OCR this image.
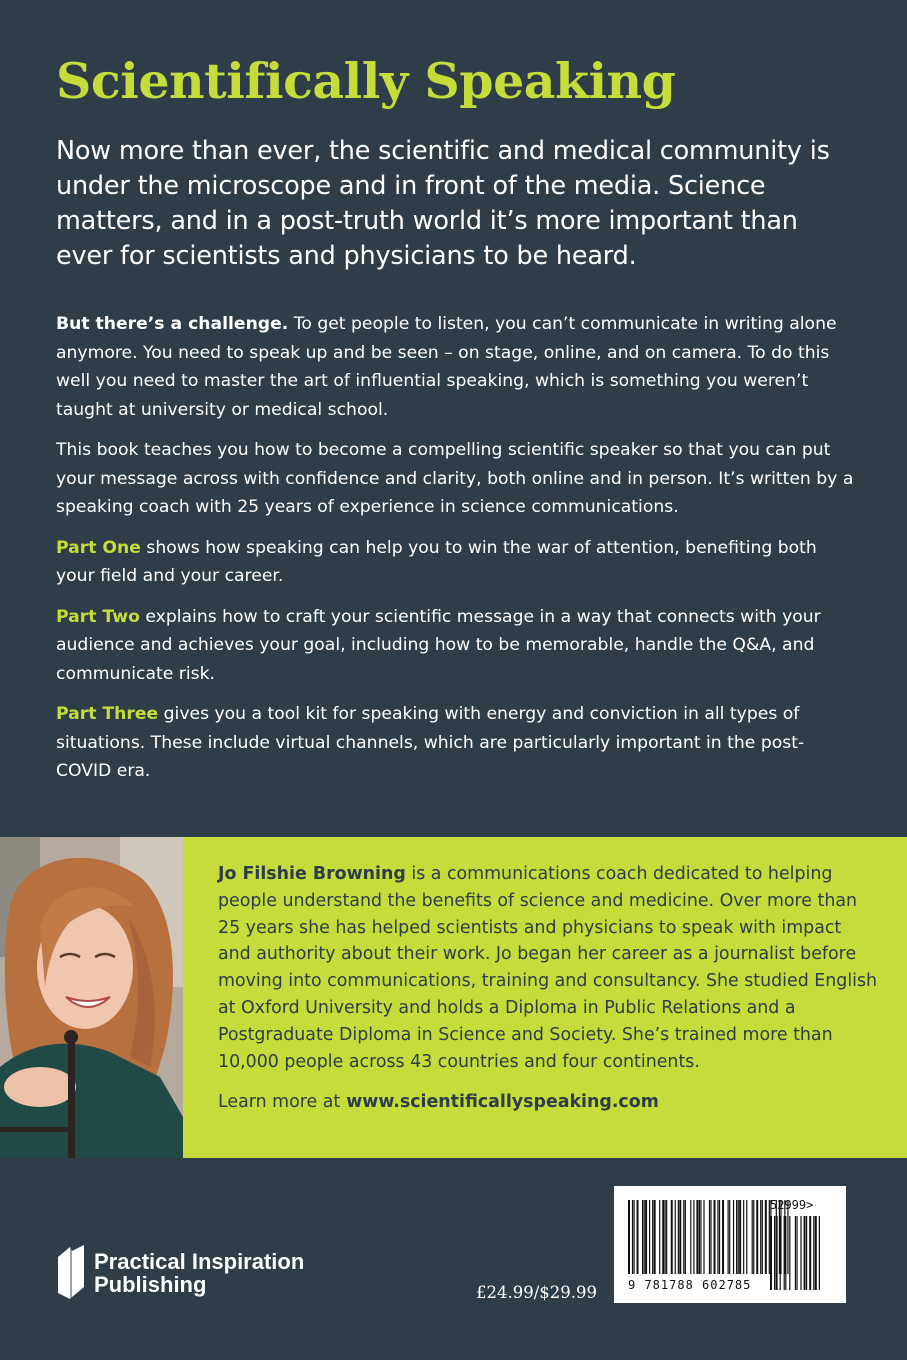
Scientifically Speaking

Now more than ever, the scientific and medical community is under the microscope and in front of the media. Science matters, and in a post-truth world it’s more important than ever for scientists and physicians to be heard.

But there’s a challenge. To get people to listen, you can’t communicate in writing alone anymore. You need to speak up and be seen – on stage, online, and on camera. To do this well you need to master the art of influential speaking, which is something you weren’t taught at university or medical school.

This book teaches you how to become a compelling scientific speaker so that you can put your message across with confidence and clarity, both online and in person. It’s written by a speaking coach with 25 years of experience in science communications.

Part One shows how speaking can help you to win the war of attention, benefiting both your field and your career.

Part Two explains how to craft your scientific message in a way that connects with your audience and achieves your goal, including how to be memorable, handle the Q&A, and communicate risk.

Part Three gives you a tool kit for speaking with energy and conviction in all types of situations. These include virtual channels, which are particularly important in the post-COVID era.

Jo Filshie Browning is a communications coach dedicated to helping people understand the benefits of science and medicine. Over more than 25 years she has helped scientists and physicians to speak with impact and authority about their work. Jo began her career as a journalist before moving into communications, training and consultancy. She studied English at Oxford University and holds a Diploma in Public Relations and a Postgraduate Diploma in Science and Society. She’s trained more than 10,000 people across 43 countries and four continents.

Learn more at www.scientificallyspeaking.com

Practical Inspiration
Publishing	£24.99/$29.99
52999>
9 781788 602785
